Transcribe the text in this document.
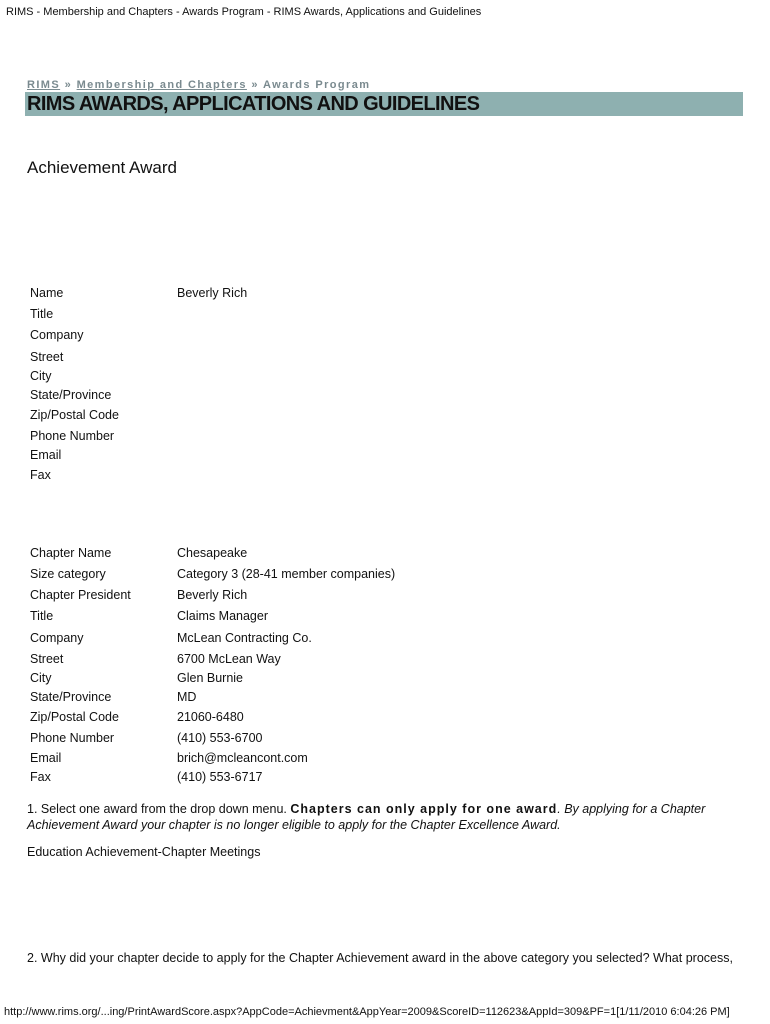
RIMS - Membership and Chapters - Awards Program - RIMS Awards, Applications and Guidelines
RIMS » Membership and Chapters » Awards Program
RIMS AWARDS, APPLICATIONS AND GUIDELINES
Achievement Award
Name	Beverly Rich
Title
Company
Street
City
State/Province
Zip/Postal Code
Phone Number
Email
Fax
Chapter Name	Chesapeake
Size category	Category 3 (28-41 member companies)
Chapter President	Beverly Rich
Title	Claims Manager
Company	McLean Contracting Co.
Street	6700 McLean Way
City	Glen Burnie
State/Province	MD
Zip/Postal Code	21060-6480
Phone Number	(410) 553-6700
Email	brich@mcleancont.com
Fax	(410) 553-6717
1. Select one award from the drop down menu. Chapters can only apply for one award. By applying for a Chapter Achievement Award your chapter is no longer eligible to apply for the Chapter Excellence Award.
Education Achievement-Chapter Meetings
2. Why did your chapter decide to apply for the Chapter Achievement award in the above category you selected? What process,
http://www.rims.org/...ing/PrintAwardScore.aspx?AppCode=Achievment&AppYear=2009&ScoreID=112623&AppId=309&PF=1[1/11/2010 6:04:26 PM]
